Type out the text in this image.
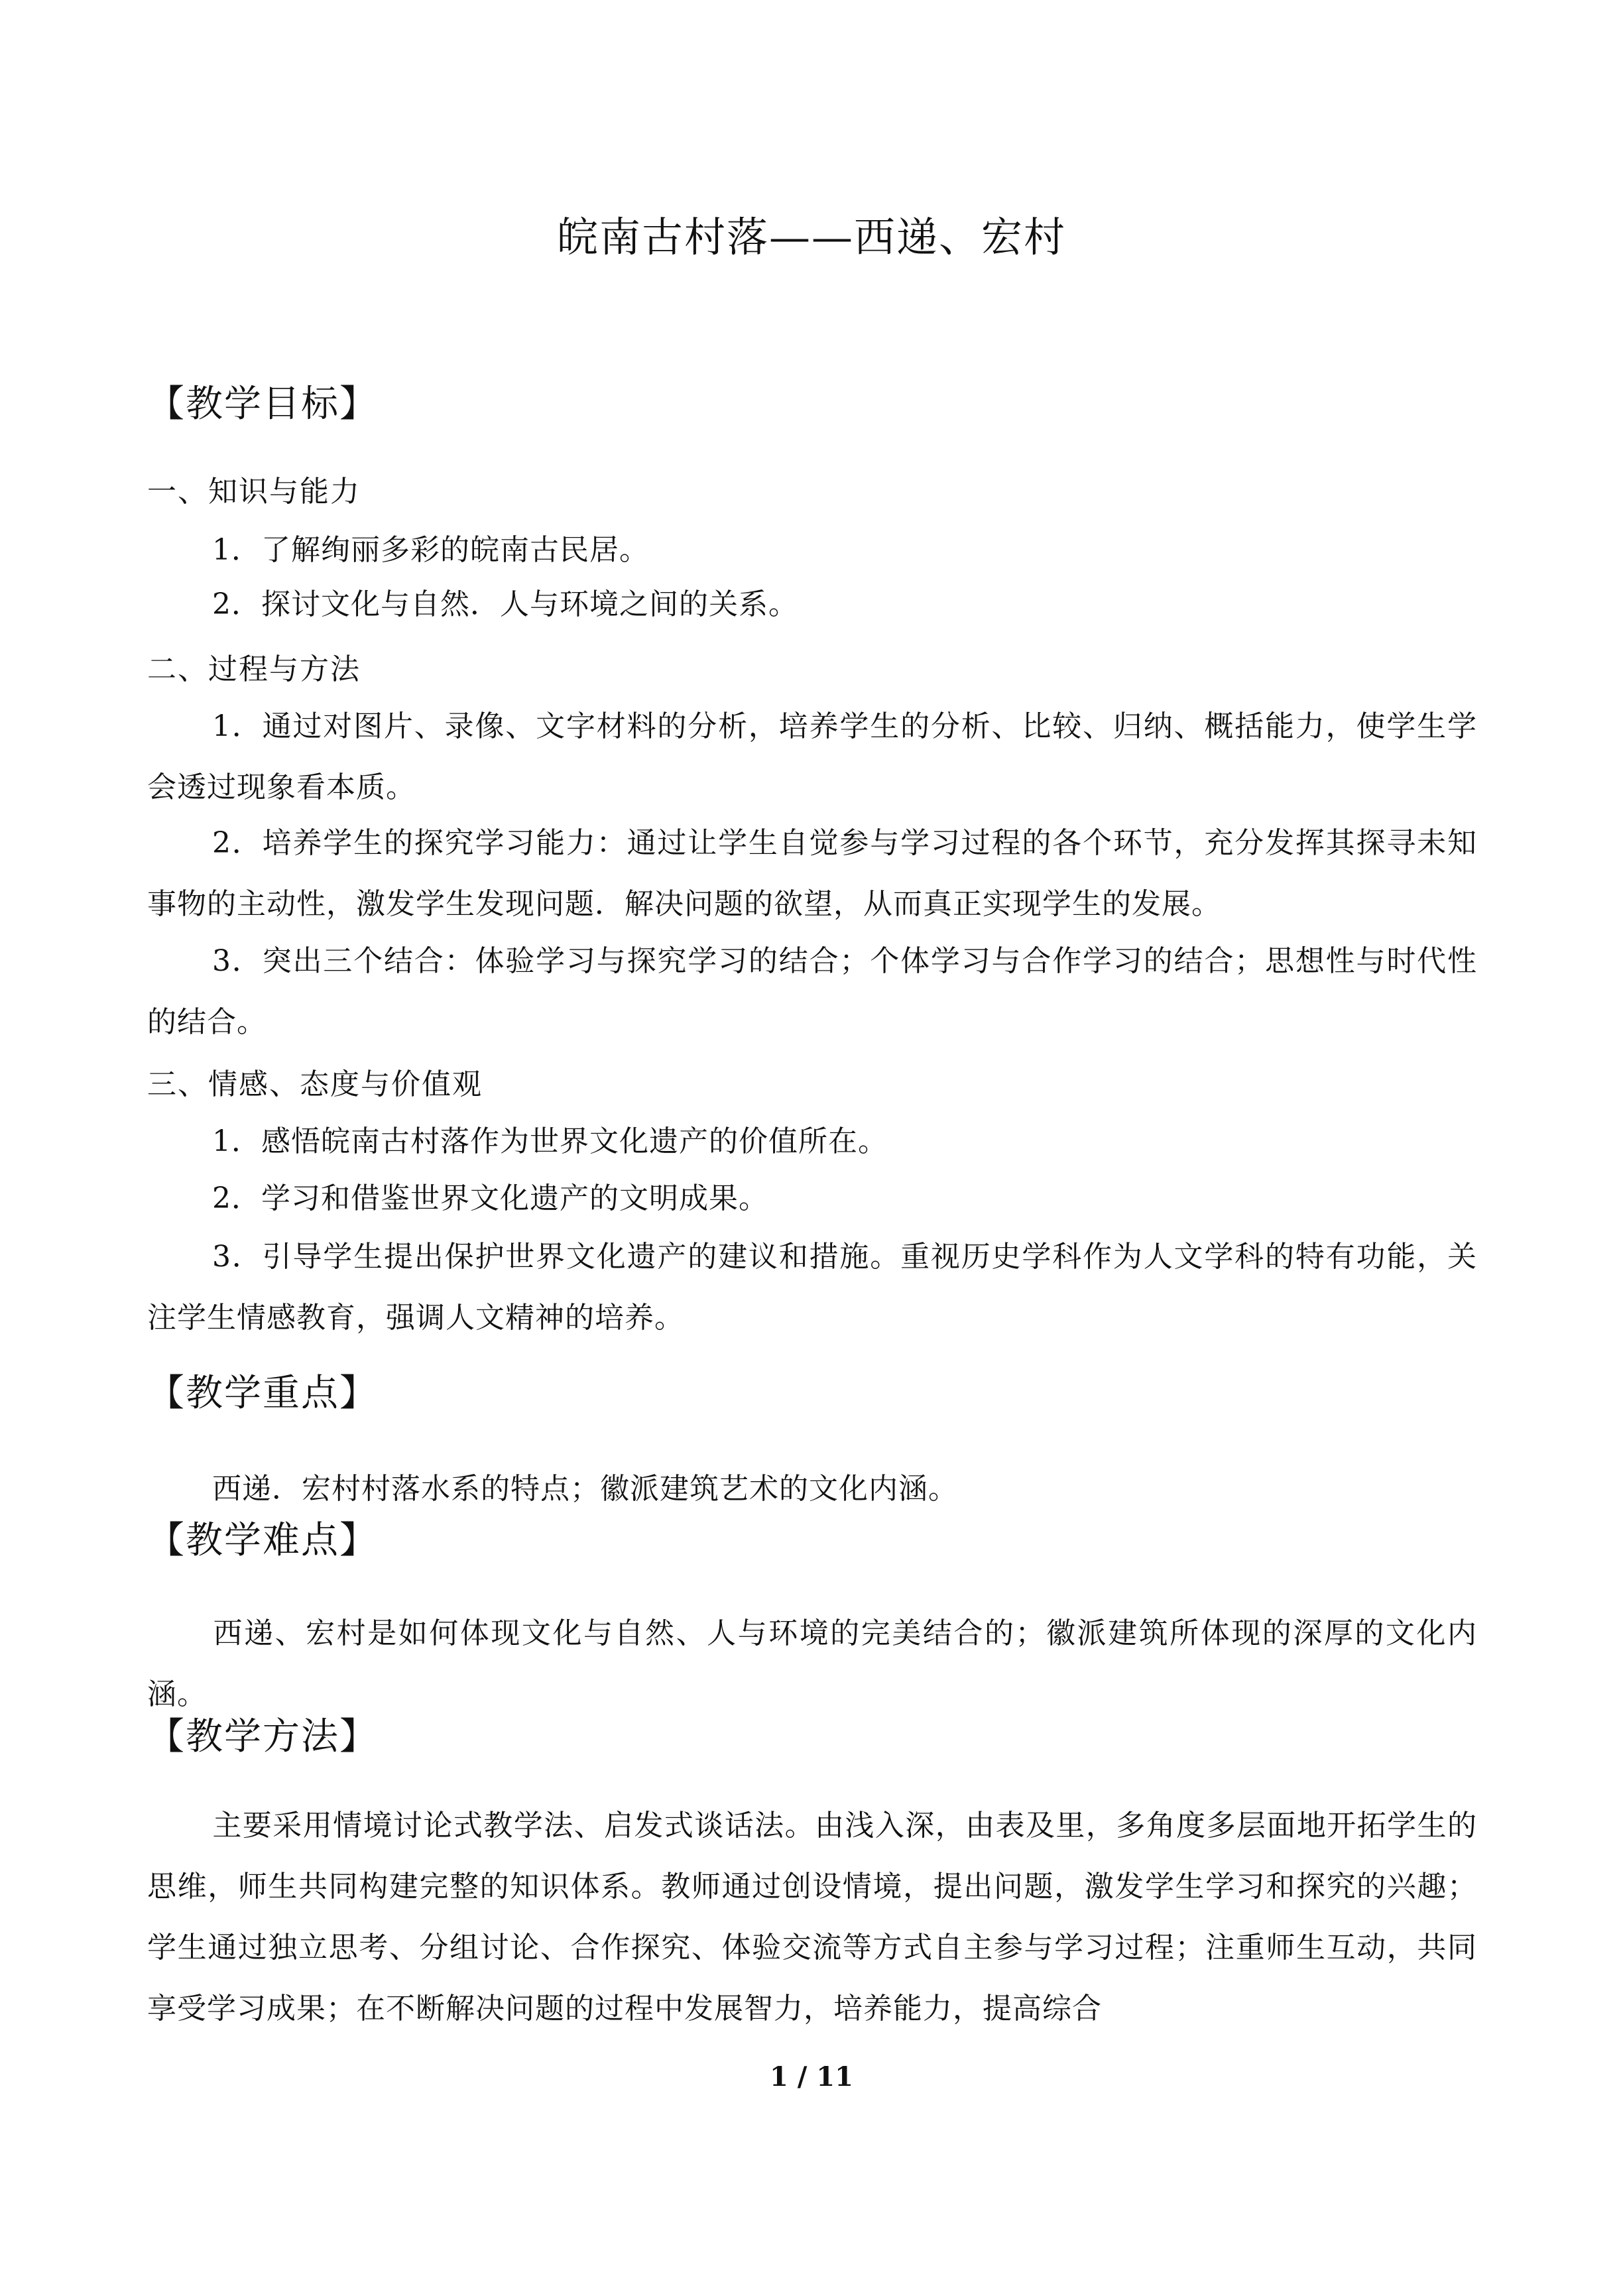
皖南古村落——西递、宏村
【教学目标】
一、知识与能力
1．了解绚丽多彩的皖南古民居。
2．探讨文化与自然．人与环境之间的关系。
二、过程与方法
1．通过对图片、录像、文字材料的分析，培养学生的分析、比较、归纳、概括能力，使学生学会透过现象看本质。
2．培养学生的探究学习能力：通过让学生自觉参与学习过程的各个环节，充分发挥其探寻未知事物的主动性，激发学生发现问题．解决问题的欲望，从而真正实现学生的发展。
3．突出三个结合：体验学习与探究学习的结合；个体学习与合作学习的结合；思想性与时代性的结合。
三、情感、态度与价值观
1．感悟皖南古村落作为世界文化遗产的价值所在。
2．学习和借鉴世界文化遗产的文明成果。
3．引导学生提出保护世界文化遗产的建议和措施。重视历史学科作为人文学科的特有功能，关注学生情感教育，强调人文精神的培养。
【教学重点】
西递．宏村村落水系的特点；徽派建筑艺术的文化内涵。
【教学难点】
西递、宏村是如何体现文化与自然、人与环境的完美结合的；徽派建筑所体现的深厚的文化内涵。
【教学方法】
主要采用情境讨论式教学法、启发式谈话法。由浅入深，由表及里，多角度多层面地开拓学生的思维，师生共同构建完整的知识体系。教师通过创设情境，提出问题，激发学生学习和探究的兴趣；学生通过独立思考、分组讨论、合作探究、体验交流等方式自主参与学习过程；注重师生互动，共同享受学习成果；在不断解决问题的过程中发展智力，培养能力，提高综合
1 / 11
